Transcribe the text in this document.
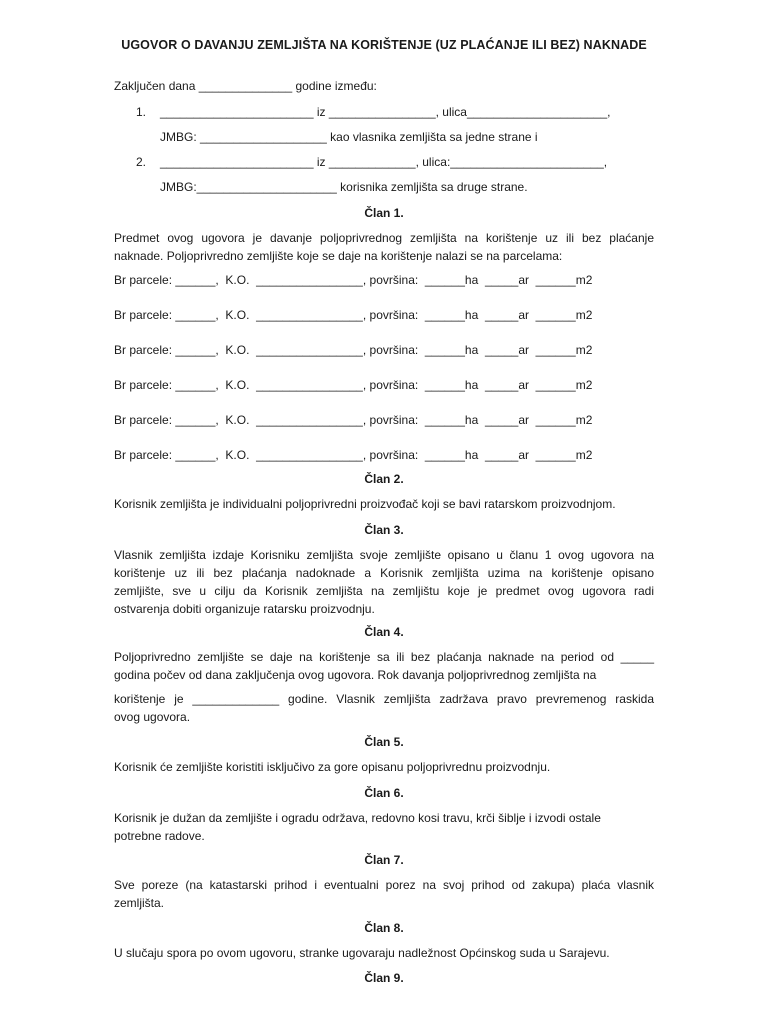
UGOVOR O DAVANJU ZEMLJIŠTA NA KORIŠTENJE (UZ PLAĆANJE ILI BEZ) NAKNADE
Zaključen dana ______________ godine između:
1. _______________________ iz ________________, ulica_____________________,
JMBG: ___________________ kao vlasnika zemljišta sa jedne strane i
2. _______________________ iz _____________, ulica:_______________________,
JMBG:_____________________ korisnika zemljišta sa druge strane.
Član 1.
Predmet ovog ugovora je davanje poljoprivrednog zemljišta na korištenje uz ili bez plaćanje
naknade. Poljoprivredno zemljište koje se daje na korištenje nalazi se na parcelama:
Br parcele: ______,  K.O.  ________________, površina:  ______ha  _____ar  ______m2
Br parcele: ______,  K.O.  ________________, površina:  ______ha  _____ar  ______m2
Br parcele: ______,  K.O.  ________________, površina:  ______ha  _____ar  ______m2
Br parcele: ______,  K.O.  ________________, površina:  ______ha  _____ar  ______m2
Br parcele: ______,  K.O.  ________________, površina:  ______ha  _____ar  ______m2
Br parcele: ______,  K.O.  ________________, površina:  ______ha  _____ar  ______m2
Član 2.
Korisnik zemljišta je individualni poljoprivredni proizvođač koji se bavi ratarskom proizvodnjom.
Član 3.
Vlasnik zemljišta izdaje Korisniku zemljišta svoje zemljište opisano u članu 1 ovog ugovora na
korištenje uz ili bez plaćanja nadoknade a Korisnik zemljišta uzima na korištenje opisano
zemljište, sve u cilju da Korisnik zemljišta na zemljištu koje je predmet ovog ugovora radi
ostvarenja dobiti organizuje ratarsku proizvodnju.
Član 4.
Poljoprivredno zemljište se daje na korištenje sa ili bez plaćanja naknade na period od _____
godina počev od dana zaključenja ovog ugovora. Rok davanja poljoprivrednog zemljišta na
korištenje je _____________ godine. Vlasnik zemljišta zadržava pravo prevremenog raskida
ovog ugovora.
Član 5.
Korisnik će zemljište koristiti isključivo za gore opisanu poljoprivrednu proizvodnju.
Član 6.
Korisnik je dužan da zemljište i ogradu održava, redovno kosi travu, krči šiblje i izvodi ostale
potrebne radove.
Član 7.
Sve poreze (na katastarski prihod i eventualni porez na svoj prihod od zakupa) plaća vlasnik
zemljišta.
Član 8.
U slučaju spora po ovom ugovoru, stranke ugovaraju nadležnost Općinskog suda u Sarajevu.
Član 9.
